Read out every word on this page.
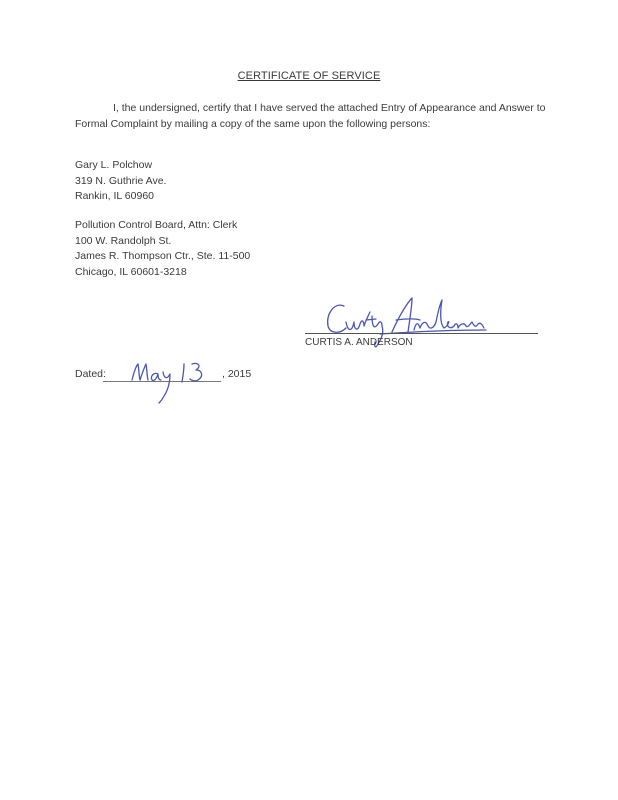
CERTIFICATE OF SERVICE
I, the undersigned, certify that I have served the attached Entry of Appearance and Answer to Formal Complaint by mailing a copy of the same upon the following persons:
Gary L. Polchow
319 N. Guthrie Ave.
Rankin, IL 60960
Pollution Control Board, Attn: Clerk
100 W. Randolph St.
James R. Thompson Ctr., Ste. 11-500
Chicago, IL 60601-3218
CURTIS A. ANDERSON
Dated:	, 2015
